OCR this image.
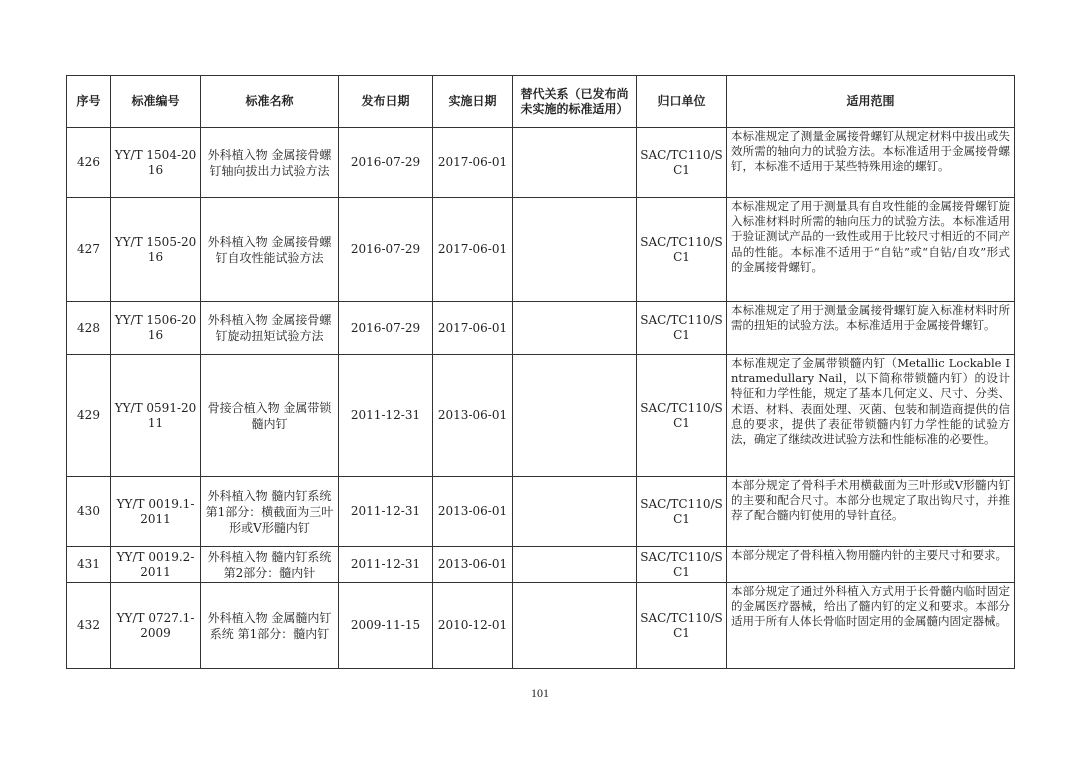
序号	标准编号	标准名称	发布日期	实施日期	替代关系（已发布尚未实施的标准适用）	归口单位	适用范围
426	YY/T 1504-2016	外科植入物 金属接骨螺钉轴向拔出力试验方法	2016-07-29	2017-06-01		SAC/TC110/SC1	本标准规定了测量金属接骨螺钉从规定材料中拔出或失效所需的轴向力的试验方法。本标准适用于金属接骨螺钉，本标准不适用于某些特殊用途的螺钉。
427	YY/T 1505-2016	外科植入物 金属接骨螺钉自攻性能试验方法	2016-07-29	2017-06-01		SAC/TC110/SC1	本标准规定了用于测量具有自攻性能的金属接骨螺钉旋入标准材料时所需的轴向压力的试验方法。本标准适用于验证测试产品的一致性或用于比较尺寸相近的不同产品的性能。本标准不适用于“自钻”或“自钻/自攻”形式的金属接骨螺钉。
428	YY/T 1506-2016	外科植入物 金属接骨螺钉旋动扭矩试验方法	2016-07-29	2017-06-01		SAC/TC110/SC1	本标准规定了用于测量金属接骨螺钉旋入标准材料时所需的扭矩的试验方法。本标准适用于金属接骨螺钉。
429	YY/T 0591-2011	骨接合植入物 金属带锁髓内钉	2011-12-31	2013-06-01		SAC/TC110/SC1	本标准规定了金属带锁髓内钉（Metallic Lockable Intramedullary Nail，以下简称带锁髓内钉）的设计特征和力学性能，规定了基本几何定义、尺寸、分类、术语、材料、表面处理、灭菌、包装和制造商提供的信息的要求，提供了表征带锁髓内钉力学性能的试验方法，确定了继续改进试验方法和性能标准的必要性。
430	YY/T 0019.1-2011	外科植入物 髓内钉系统 第1部分：横截面为三叶形或V形髓内钉	2011-12-31	2013-06-01		SAC/TC110/SC1	本部分规定了骨科手术用横截面为三叶形或V形髓内钉的主要和配合尺寸。本部分也规定了取出钩尺寸，并推荐了配合髓内钉使用的导针直径。
431	YY/T 0019.2-2011	外科植入物 髓内钉系统 第2部分：髓内针	2011-12-31	2013-06-01		SAC/TC110/SC1	本部分规定了骨科植入物用髓内针的主要尺寸和要求。
432	YY/T 0727.1-2009	外科植入物 金属髓内钉系统 第1部分：髓内钉	2009-11-15	2010-12-01		SAC/TC110/SC1	本部分规定了通过外科植入方式用于长骨髓内临时固定的金属医疗器械，给出了髓内钉的定义和要求。本部分适用于所有人体长骨临时固定用的金属髓内固定器械。
101
